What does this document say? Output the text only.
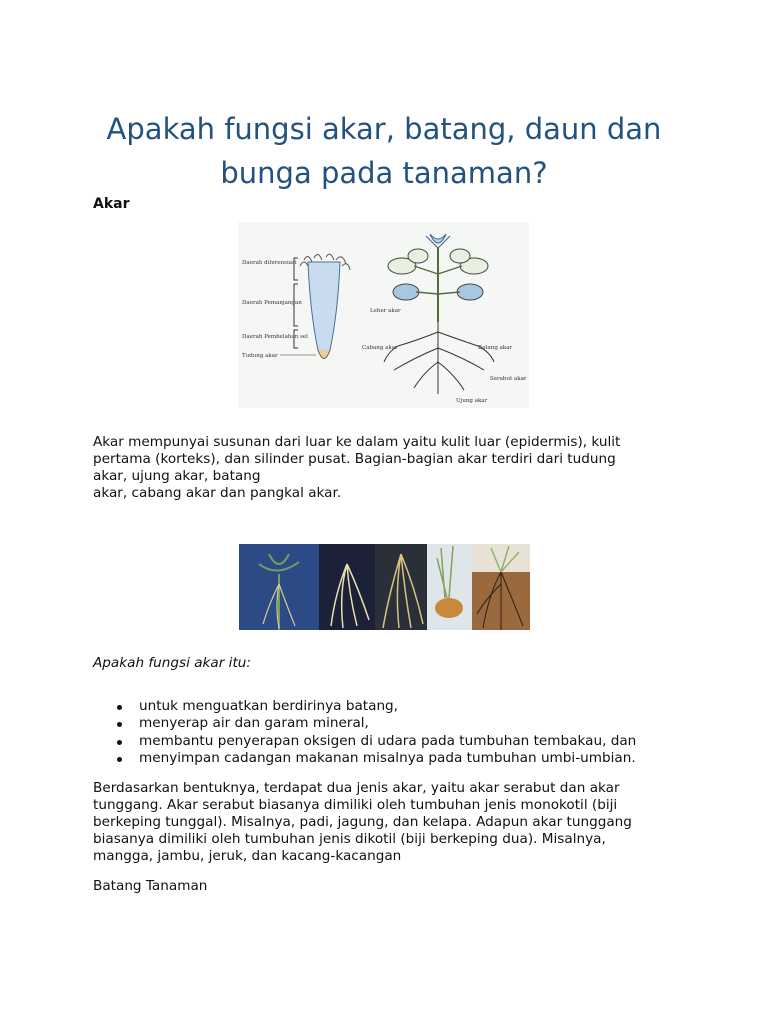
Apakah fungsi akar, batang, daun dan bunga pada tanaman?
Akar
Daerah diferensiasi
Daerah Pemanjangan
Daerah Pembelahan sel
Tudung akar
Leher akar
Cabang akar	Batang akar
Serabut akar
Ujung akar
Akar mempunyai susunan dari luar ke dalam yaitu kulit luar (epidermis), kulit
pertama (korteks), dan silinder pusat. Bagian-bagian akar terdiri dari tudung
akar, ujung akar, batang
akar, cabang akar dan pangkal akar.
Apakah fungsi akar itu:
untuk menguatkan berdirinya batang,
menyerap air dan garam mineral,
membantu penyerapan oksigen di udara pada tumbuhan tembakau, dan
menyimpan cadangan makanan misalnya pada tumbuhan umbi-umbian.
Berdasarkan bentuknya, terdapat dua jenis akar, yaitu akar serabut dan akar
tunggang. Akar serabut biasanya dimiliki oleh tumbuhan jenis monokotil (biji
berkeping tunggal). Misalnya, padi, jagung, dan kelapa. Adapun akar tunggang
biasanya dimiliki oleh tumbuhan jenis dikotil (biji berkeping dua). Misalnya,
mangga, jambu, jeruk, dan kacang-kacangan
Batang Tanaman
